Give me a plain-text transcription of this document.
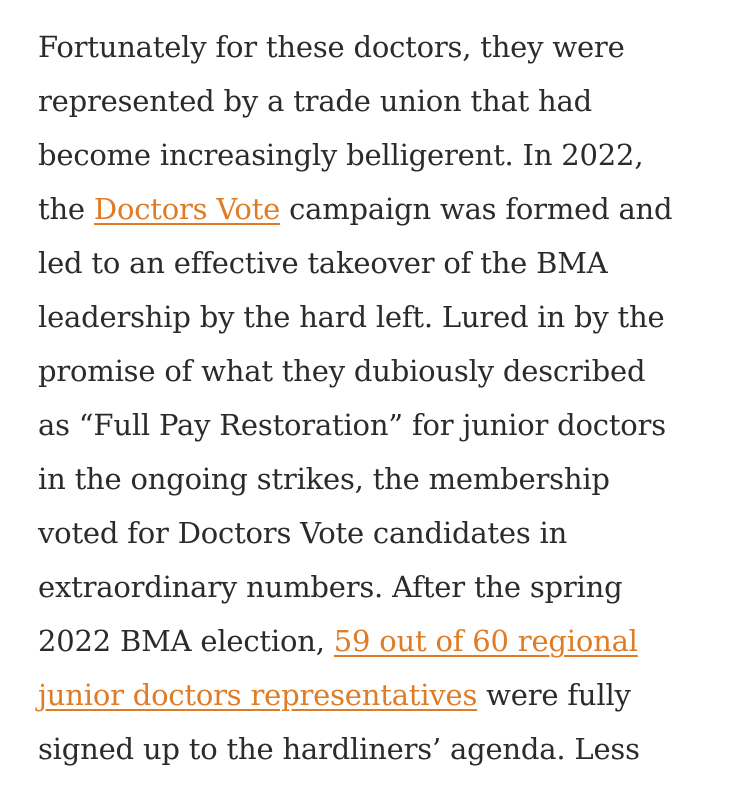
Fortunately for these doctors, they were
represented by a trade union that had
become increasingly belligerent. In 2022,
the Doctors Vote campaign was formed and
led to an effective takeover of the BMA
leadership by the hard left. Lured in by the
promise of what they dubiously described
as “Full Pay Restoration” for junior doctors
in the ongoing strikes, the membership
voted for Doctors Vote candidates in
extraordinary numbers. After the spring
2022 BMA election, 59 out of 60 regional
junior doctors representatives were fully
signed up to the hardliners’ agenda. Less
